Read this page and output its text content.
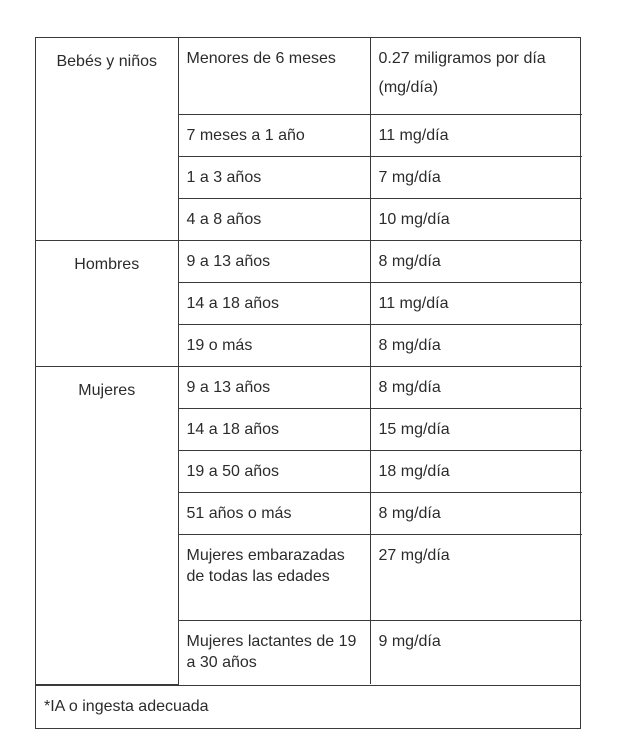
Bebés y niños	Menores de 6 meses	0.27 miligramos por día (mg/día)
	7 meses a 1 año	11 mg/día
	1 a 3 años	7 mg/día
	4 a 8 años	10 mg/día
Hombres	9 a 13 años	8 mg/día
	14 a 18 años	11 mg/día
	19 o más	8 mg/día
Mujeres	9 a 13 años	8 mg/día
	14 a 18 años	15 mg/día
	19 a 50 años	18 mg/día
	51 años o más	8 mg/día
	Mujeres embarazadas de todas las edades	27 mg/día
	Mujeres lactantes de 19 a 30 años	9 mg/día
*IA o ingesta adecuada
